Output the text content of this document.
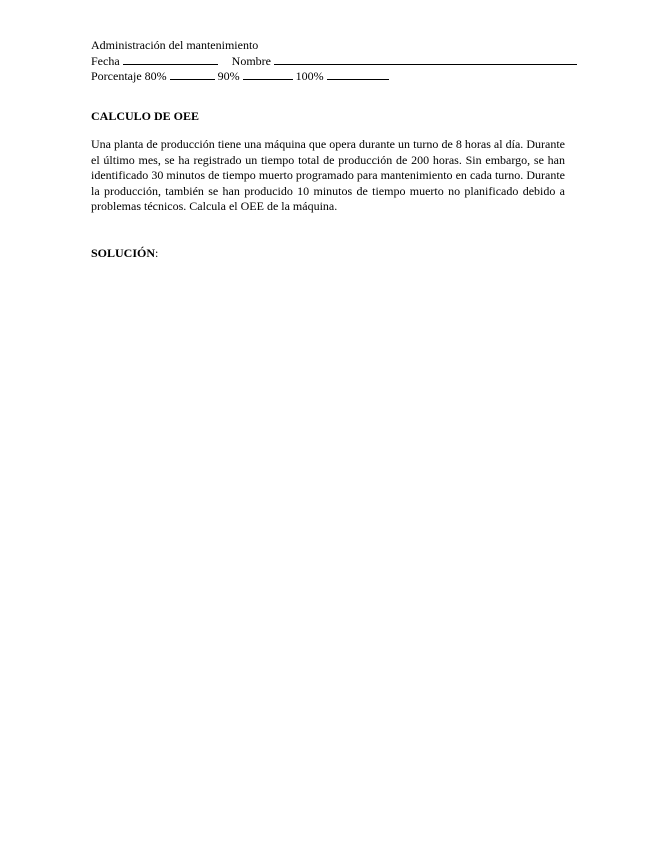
Administración del mantenimiento
Fecha	Nombre
Porcentaje 80%	90%	100%
CALCULO DE OEE
Una planta de producción tiene una máquina que opera durante un turno de 8 horas al día. Durante el último mes, se ha registrado un tiempo total de producción de 200 horas. Sin embargo, se han identificado 30 minutos de tiempo muerto programado para mantenimiento en cada turno. Durante la producción, también se han producido 10 minutos de tiempo muerto no planificado debido a problemas técnicos. Calcula el OEE de la máquina.
SOLUCIÓN:
